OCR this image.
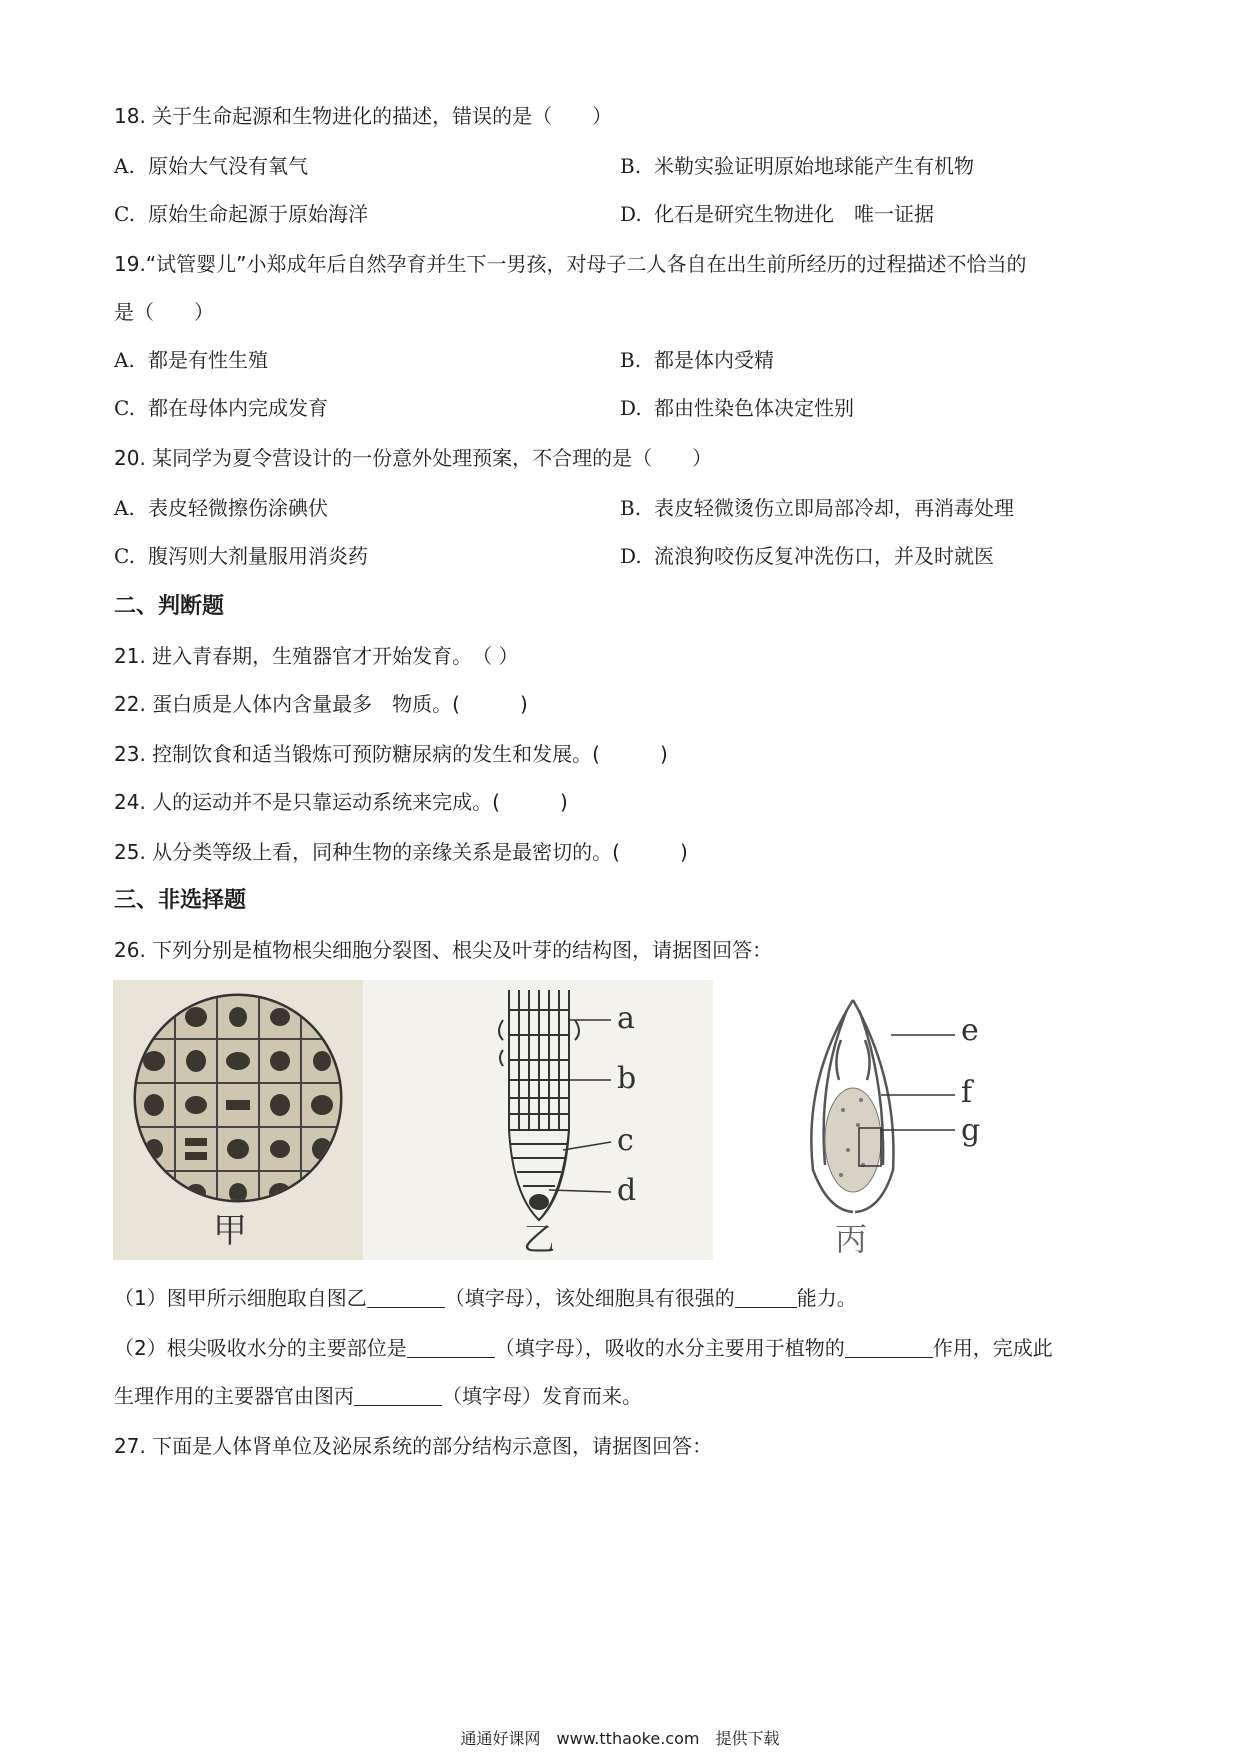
18. 关于生命起源和生物进化的描述，错误的是（　　）
A. 原始大气没有氧气	B. 米勒实验证明原始地球能产生有机物
C. 原始生命起源于原始海洋	D. 化石是研究生物进化　唯一证据
19.“试管婴儿”小郑成年后自然孕育并生下一男孩，对母子二人各自在出生前所经历的过程描述不恰当的
是（　　）
A. 都是有性生殖	B. 都是体内受精
C. 都在母体内完成发育	D. 都由性染色体决定性别
20. 某同学为夏令营设计的一份意外处理预案，不合理的是（　　）
A. 表皮轻微擦伤涂碘伏	B. 表皮轻微烫伤立即局部冷却，再消毒处理
C. 腹泻则大剂量服用消炎药	D. 流浪狗咬伤反复冲洗伤口，并及时就医
二、判断题
21. 进入青春期，生殖器官才开始发育。　（ ）
22. 蛋白质是人体内含量最多　物质。(　　　)
23. 控制饮食和适当锻炼可预防糖尿病的发生和发展。(　　　)
24. 人的运动并不是只靠运动系统来完成。(　　　)
25. 从分类等级上看，同种生物的亲缘关系是最密切的。(　　　)
三、非选择题
26. 下列分别是植物根尖细胞分裂图、根尖及叶芽的结构图，请据图回答：
甲
a
b
c
d
乙
e
f
g
丙
（1）图甲所示细胞取自图乙	（填字母），该处细胞具有很强的	能力。
（2）根尖吸收水分的主要部位是	（填字母），吸收的水分主要用于植物的	作用，完成此
生理作用的主要器官由图丙	（填字母）发育而来。
27. 下面是人体肾单位及泌尿系统的部分结构示意图，请据图回答：
通通好课网　www.tthaoke.com　提供下载
